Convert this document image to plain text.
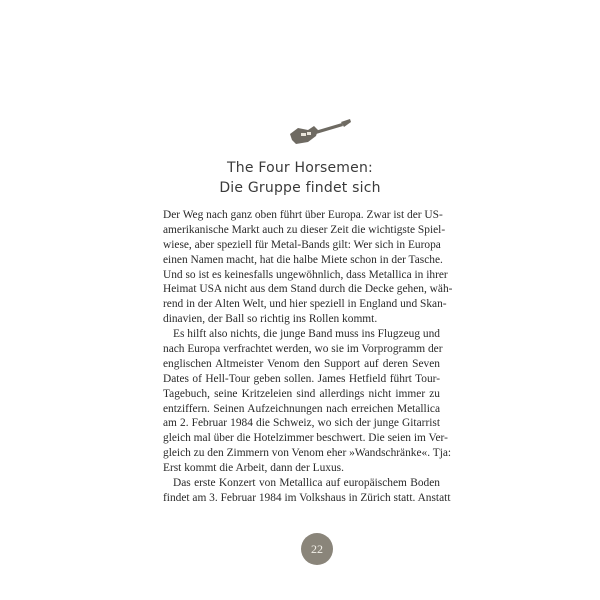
The Four Horsemen:
Die Gruppe findet sich
Der Weg nach ganz oben führt über Europa. Zwar ist der US-
amerikanische Markt auch zu dieser Zeit die wichtigste Spiel-
wiese, aber speziell für Metal-Bands gilt: Wer sich in Europa
einen Namen macht, hat die halbe Miete schon in der Tasche.
Und so ist es keinesfalls ungewöhnlich, dass Metallica in ihrer
Heimat USA nicht aus dem Stand durch die Decke gehen, wäh-
rend in der Alten Welt, und hier speziell in England und Skan-
dinavien, der Ball so richtig ins Rollen kommt.
Es hilft also nichts, die junge Band muss ins Flugzeug und
nach Europa verfrachtet werden, wo sie im Vorprogramm der
englischen Altmeister Venom den Support auf deren Seven
Dates of Hell-Tour geben sollen. James Hetfield führt Tour-
Tagebuch, seine Kritzeleien sind allerdings nicht immer zu
entziffern. Seinen Aufzeichnungen nach erreichen Metallica
am 2. Februar 1984 die Schweiz, wo sich der junge Gitarrist
gleich mal über die Hotelzimmer beschwert. Die seien im Ver-
gleich zu den Zimmern von Venom eher »Wandschränke«. Tja:
Erst kommt die Arbeit, dann der Luxus.
Das erste Konzert von Metallica auf europäischem Boden
findet am 3. Februar 1984 im Volkshaus in Zürich statt. Anstatt
22
